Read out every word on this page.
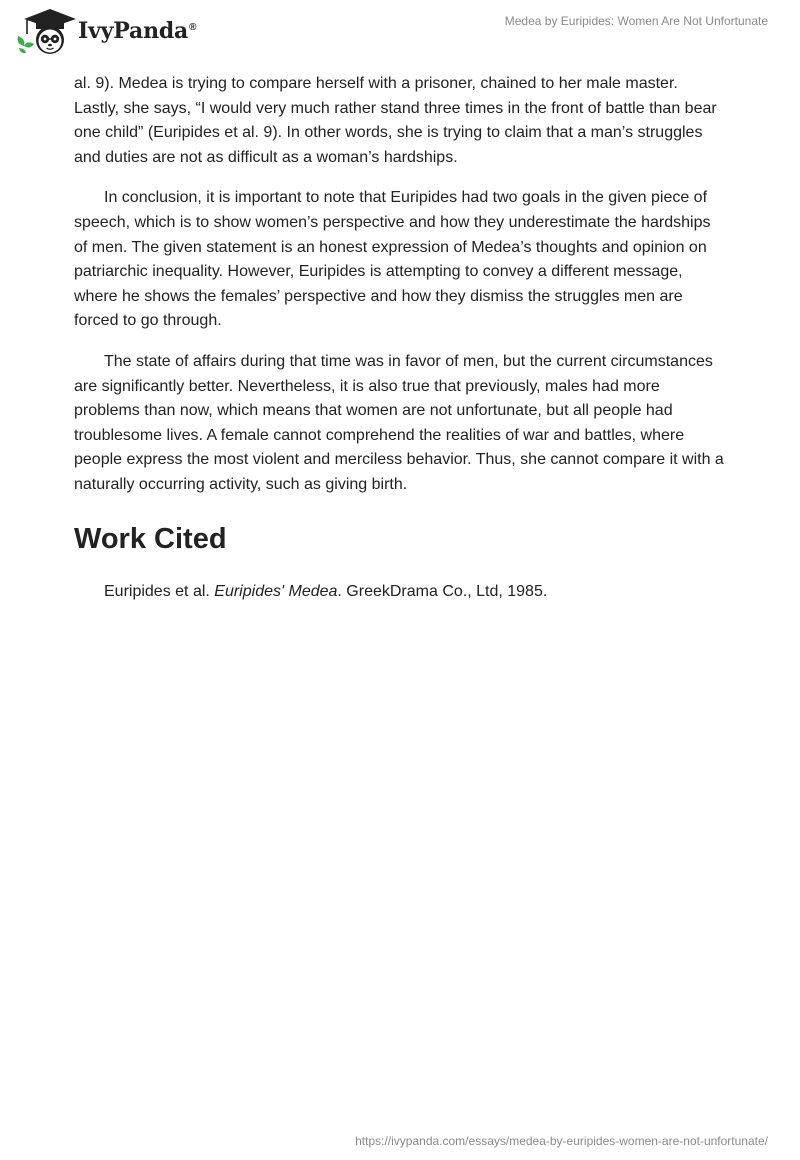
IvyPanda®	Medea by Euripides: Women Are Not Unfortunate

al. 9). Medea is trying to compare herself with a prisoner, chained to her male master. Lastly, she says, “I would very much rather stand three times in the front of battle than bear one child” (Euripides et al. 9). In other words, she is trying to claim that a man’s struggles and duties are not as difficult as a woman’s hardships.

In conclusion, it is important to note that Euripides had two goals in the given piece of speech, which is to show women’s perspective and how they underestimate the hardships of men. The given statement is an honest expression of Medea’s thoughts and opinion on patriarchic inequality. However, Euripides is attempting to convey a different message, where he shows the females’ perspective and how they dismiss the struggles men are forced to go through.

The state of affairs during that time was in favor of men, but the current circumstances are significantly better. Nevertheless, it is also true that previously, males had more problems than now, which means that women are not unfortunate, but all people had troublesome lives. A female cannot comprehend the realities of war and battles, where people express the most violent and merciless behavior. Thus, she cannot compare it with a naturally occurring activity, such as giving birth.

Work Cited

Euripides et al. Euripides' Medea. GreekDrama Co., Ltd, 1985.

https://ivypanda.com/essays/medea-by-euripides-women-are-not-unfortunate/
